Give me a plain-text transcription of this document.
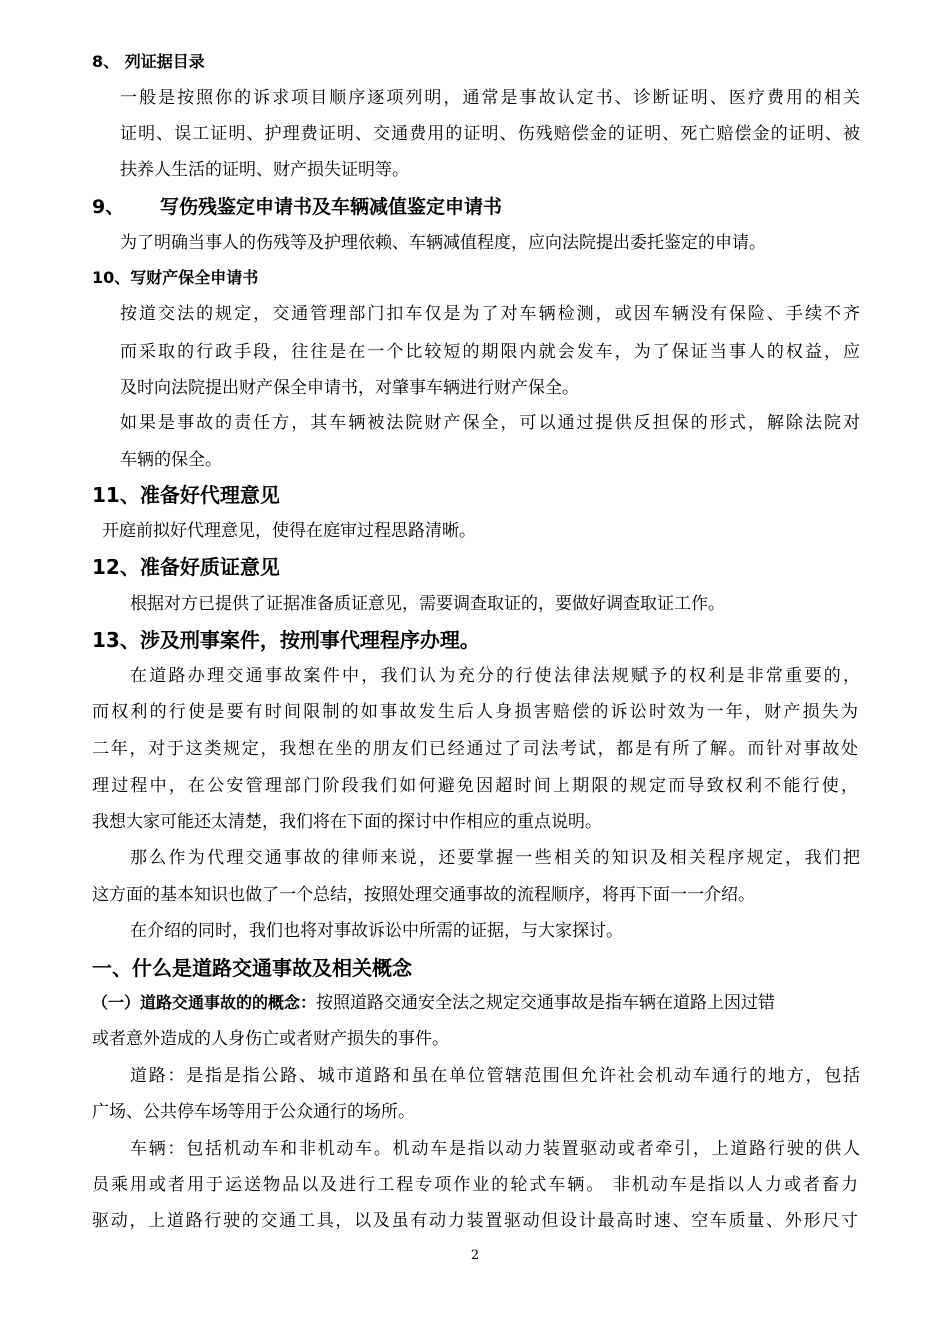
8、 列证据目录
一般是按照你的诉求项目顺序逐项列明，通常是事故认定书、诊断证明、医疗费用的相关
证明、误工证明、护理费证明、交通费用的证明、伤残赔偿金的证明、死亡赔偿金的证明、被
扶养人生活的证明、财产损失证明等。
9、 写伤残鉴定申请书及车辆减值鉴定申请书
为了明确当事人的伤残等及护理依赖、车辆减值程度，应向法院提出委托鉴定的申请。
10、写财产保全申请书
按道交法的规定，交通管理部门扣车仅是为了对车辆检测，或因车辆没有保险、手续不齐
而采取的行政手段，往往是在一个比较短的期限内就会发车，为了保证当事人的权益，应
及时向法院提出财产保全申请书，对肇事车辆进行财产保全。
如果是事故的责任方，其车辆被法院财产保全，可以通过提供反担保的形式，解除法院对
车辆的保全。
11、准备好代理意见
开庭前拟好代理意见，使得在庭审过程思路清晰。
12、准备好质证意见
根据对方已提供了证据准备质证意见，需要调查取证的，要做好调查取证工作。
13、涉及刑事案件，按刑事代理程序办理。
在道路办理交通事故案件中，我们认为充分的行使法律法规赋予的权利是非常重要的，
而权利的行使是要有时间限制的如事故发生后人身损害赔偿的诉讼时效为一年，财产损失为
二年，对于这类规定，我想在坐的朋友们已经通过了司法考试，都是有所了解。而针对事故处
理过程中，在公安管理部门阶段我们如何避免因超时间上期限的规定而导致权利不能行使，
我想大家可能还太清楚，我们将在下面的探讨中作相应的重点说明。
那么作为代理交通事故的律师来说，还要掌握一些相关的知识及相关程序规定，我们把
这方面的基本知识也做了一个总结，按照处理交通事故的流程顺序，将再下面一一介绍。
在介绍的同时，我们也将对事故诉讼中所需的证据，与大家探讨。
一、什么是道路交通事故及相关概念
（一）道路交通事故的的概念：按照道路交通安全法之规定交通事故是指车辆在道路上因过错
或者意外造成的人身伤亡或者财产损失的事件。
道路：是指是指公路、城市道路和虽在单位管辖范围但允许社会机动车通行的地方，包括
广场、公共停车场等用于公众通行的场所。
车辆：包括机动车和非机动车。机动车是指以动力装置驱动或者牵引，上道路行驶的供人
员乘用或者用于运送物品以及进行工程专项作业的轮式车辆。 非机动车是指以人力或者畜力
驱动，上道路行驶的交通工具，以及虽有动力装置驱动但设计最高时速、空车质量、外形尺寸
2
